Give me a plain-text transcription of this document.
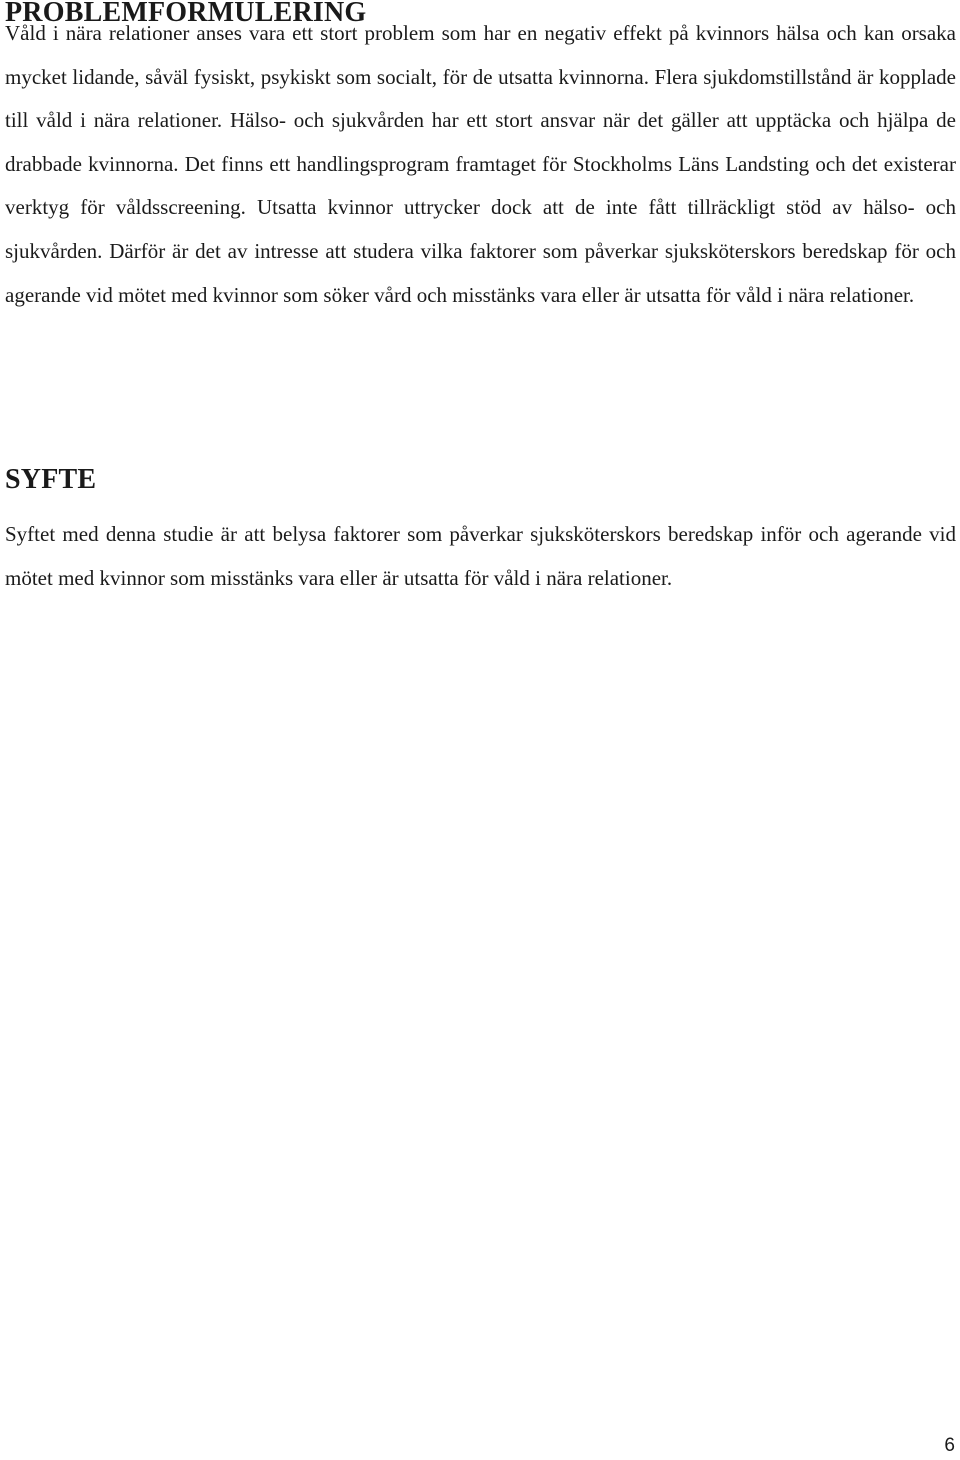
PROBLEMFORMULERING

Våld i nära relationer anses vara ett stort problem som har en negativ effekt på kvinnors hälsa och kan orsaka mycket lidande, såväl fysiskt, psykiskt som socialt, för de utsatta kvinnorna. Flera sjukdomstillstånd är kopplade till våld i nära relationer. Hälso- och sjukvården har ett stort ansvar när det gäller att upptäcka och hjälpa de drabbade kvinnorna. Det finns ett handlingsprogram framtaget för Stockholms Läns Landsting och det existerar verktyg för våldsscreening. Utsatta kvinnor uttrycker dock att de inte fått tillräckligt stöd av hälso- och sjukvården. Därför är det av intresse att studera vilka faktorer som påverkar sjuksköterskors beredskap för och agerande vid mötet med kvinnor som söker vård och misstänks vara eller är utsatta för våld i nära relationer.

SYFTE

Syftet med denna studie är att belysa faktorer som påverkar sjuksköterskors beredskap inför och agerande vid mötet med kvinnor som misstänks vara eller är utsatta för våld i nära relationer.

6
